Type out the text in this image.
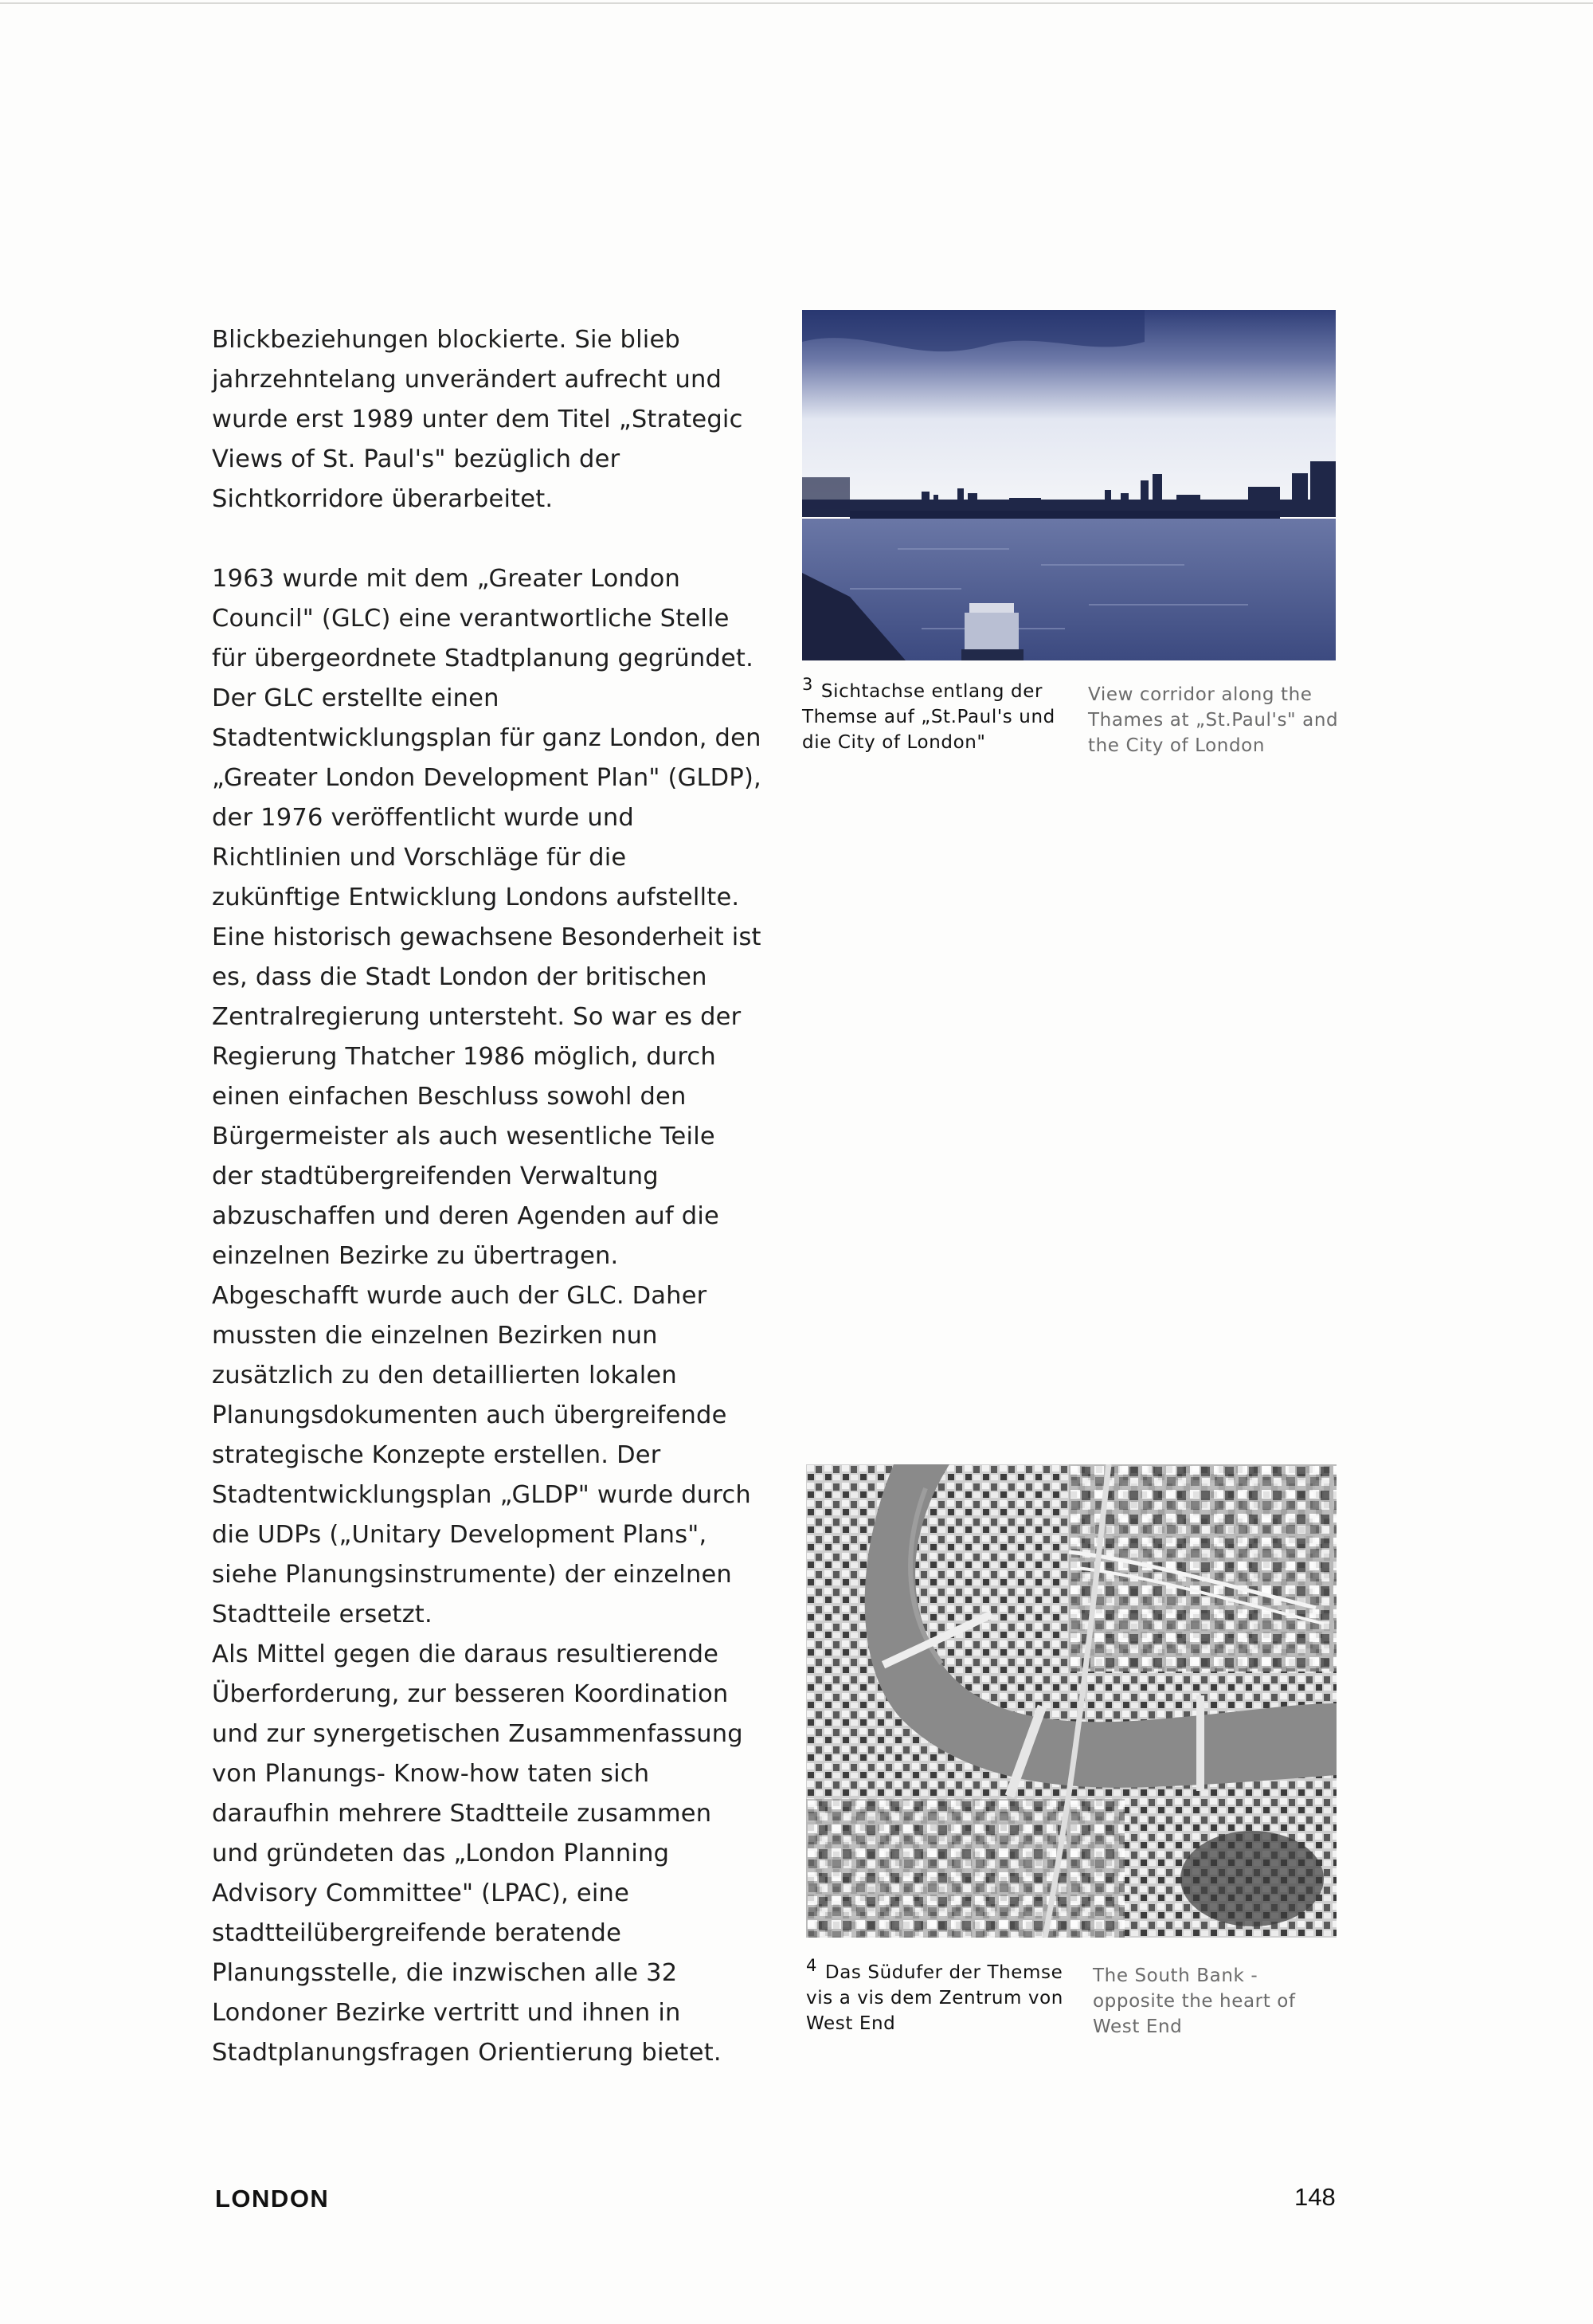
Blickbeziehungen blockierte. Sie blieb jahrzehntelang unverändert aufrecht und wurde erst 1989 unter dem Titel „Strategic Views of St. Paul's" bezüglich der Sichtkorridore überarbeitet.

1963 wurde mit dem „Greater London Council" (GLC) eine verantwortliche Stelle für übergeordnete Stadtplanung gegründet. Der GLC erstellte einen Stadtentwicklungsplan für ganz London, den „Greater London Development Plan" (GLDP), der 1976 veröffentlicht wurde und Richtlinien und Vorschläge für die zukünftige Entwicklung Londons aufstellte.

Eine historisch gewachsene Besonderheit ist es, dass die Stadt London der britischen Zentralregierung untersteht. So war es der Regierung Thatcher 1986 möglich, durch einen einfachen Beschluss sowohl den Bürgermeister als auch wesentliche Teile der stadtübergreifenden Verwaltung abzuschaffen und deren Agenden auf die einzelnen Bezirke zu übertragen. Abgeschafft wurde auch der GLC. Daher mussten die einzelnen Bezirken nun zusätzlich zu den detaillierten lokalen Planungsdokumenten auch übergreifende strategische Konzepte erstellen. Der Stadtentwicklungsplan „GLDP" wurde durch die UDPs („Unitary Development Plans", siehe Planungsinstrumente) der einzelnen Stadtteile ersetzt.

Als Mittel gegen die daraus resultierende Überforderung, zur besseren Koordination und zur synergetischen Zusammenfassung von Planungs- Know-how taten sich daraufhin mehrere Stadtteile zusammen und gründeten das „London Planning Advisory Committee" (LPAC), eine stadtteilübergreifende beratende Planungsstelle, die inzwischen alle 32 Londoner Bezirke vertritt und ihnen in Stadtplanungsfragen Orientierung bietet.

3 Sichtachse entlang der Themse auf „St.Paul's und die City of London"
View corridor along the Thames at „St.Paul's" and the City of London
4 Das Südufer der Themse vis a vis dem Zentrum von West End
The South Bank - opposite the heart of West End
LONDON	148
